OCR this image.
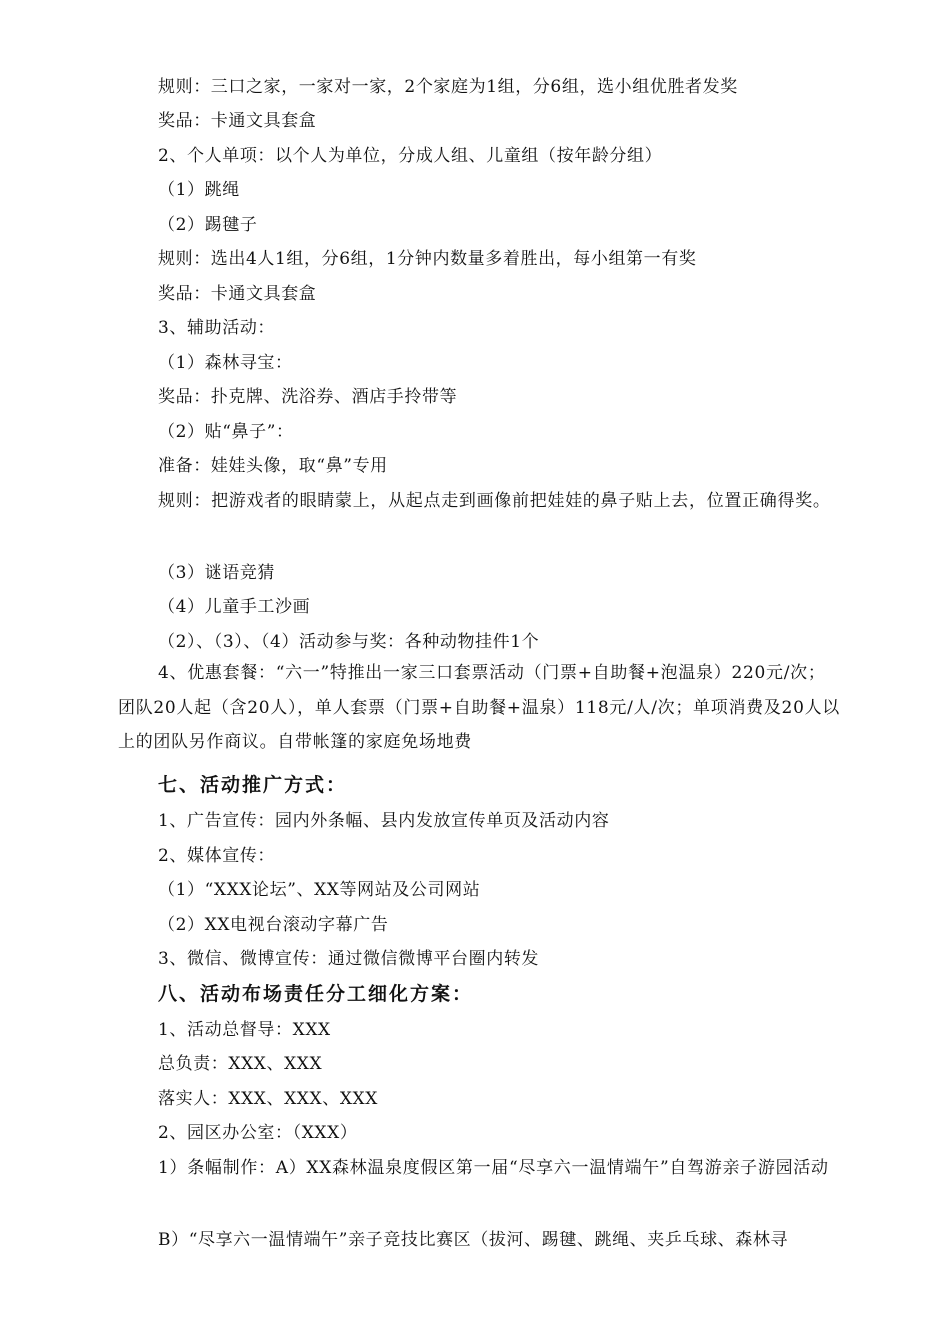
规则：三口之家，一家对一家，2个家庭为1组，分6组，选小组优胜者发奖
奖品：卡通文具套盒
2、个人单项：以个人为单位，分成人组、儿童组（按年龄分组）
（1）跳绳
（2）踢毽子
规则：选出4人1组，分6组，1分钟内数量多着胜出，每小组第一有奖
奖品：卡通文具套盒
3、辅助活动：
（1）森林寻宝：
奖品：扑克牌、洗浴券、酒店手拎带等
（2）贴“鼻子”：
准备：娃娃头像，取“鼻”专用
规则：把游戏者的眼睛蒙上，从起点走到画像前把娃娃的鼻子贴上去，位置正确得奖。
（3）谜语竞猜
（4）儿童手工沙画
（2）、（3）、（4）活动参与奖：各种动物挂件1个
4、优惠套餐：“六一”特推出一家三口套票活动（门票+自助餐+泡温泉）220元/次；团队20人起（含20人），单人套票（门票+自助餐+温泉）118元/人/次；单项消费及20人以上的团队另作商议。自带帐篷的家庭免场地费
七、活动推广方式：
1、广告宣传：园内外条幅、县内发放宣传单页及活动内容
2、媒体宣传：
（1）“XXX论坛”、XX等网站及公司网站
（2）XX电视台滚动字幕广告
3、微信、微博宣传：通过微信微博平台圈内转发
八、活动布场责任分工细化方案：
1、活动总督导：XXX
总负责：XXX、XXX
落实人：XXX、XXX、XXX
2、园区办公室：（XXX）
1）条幅制作：A）XX森林温泉度假区第一届“尽享六一温情端午”自驾游亲子游园活动
B）“尽享六一温情端午”亲子竞技比赛区（拔河、踢毽、跳绳、夹乒乓球、森林寻
